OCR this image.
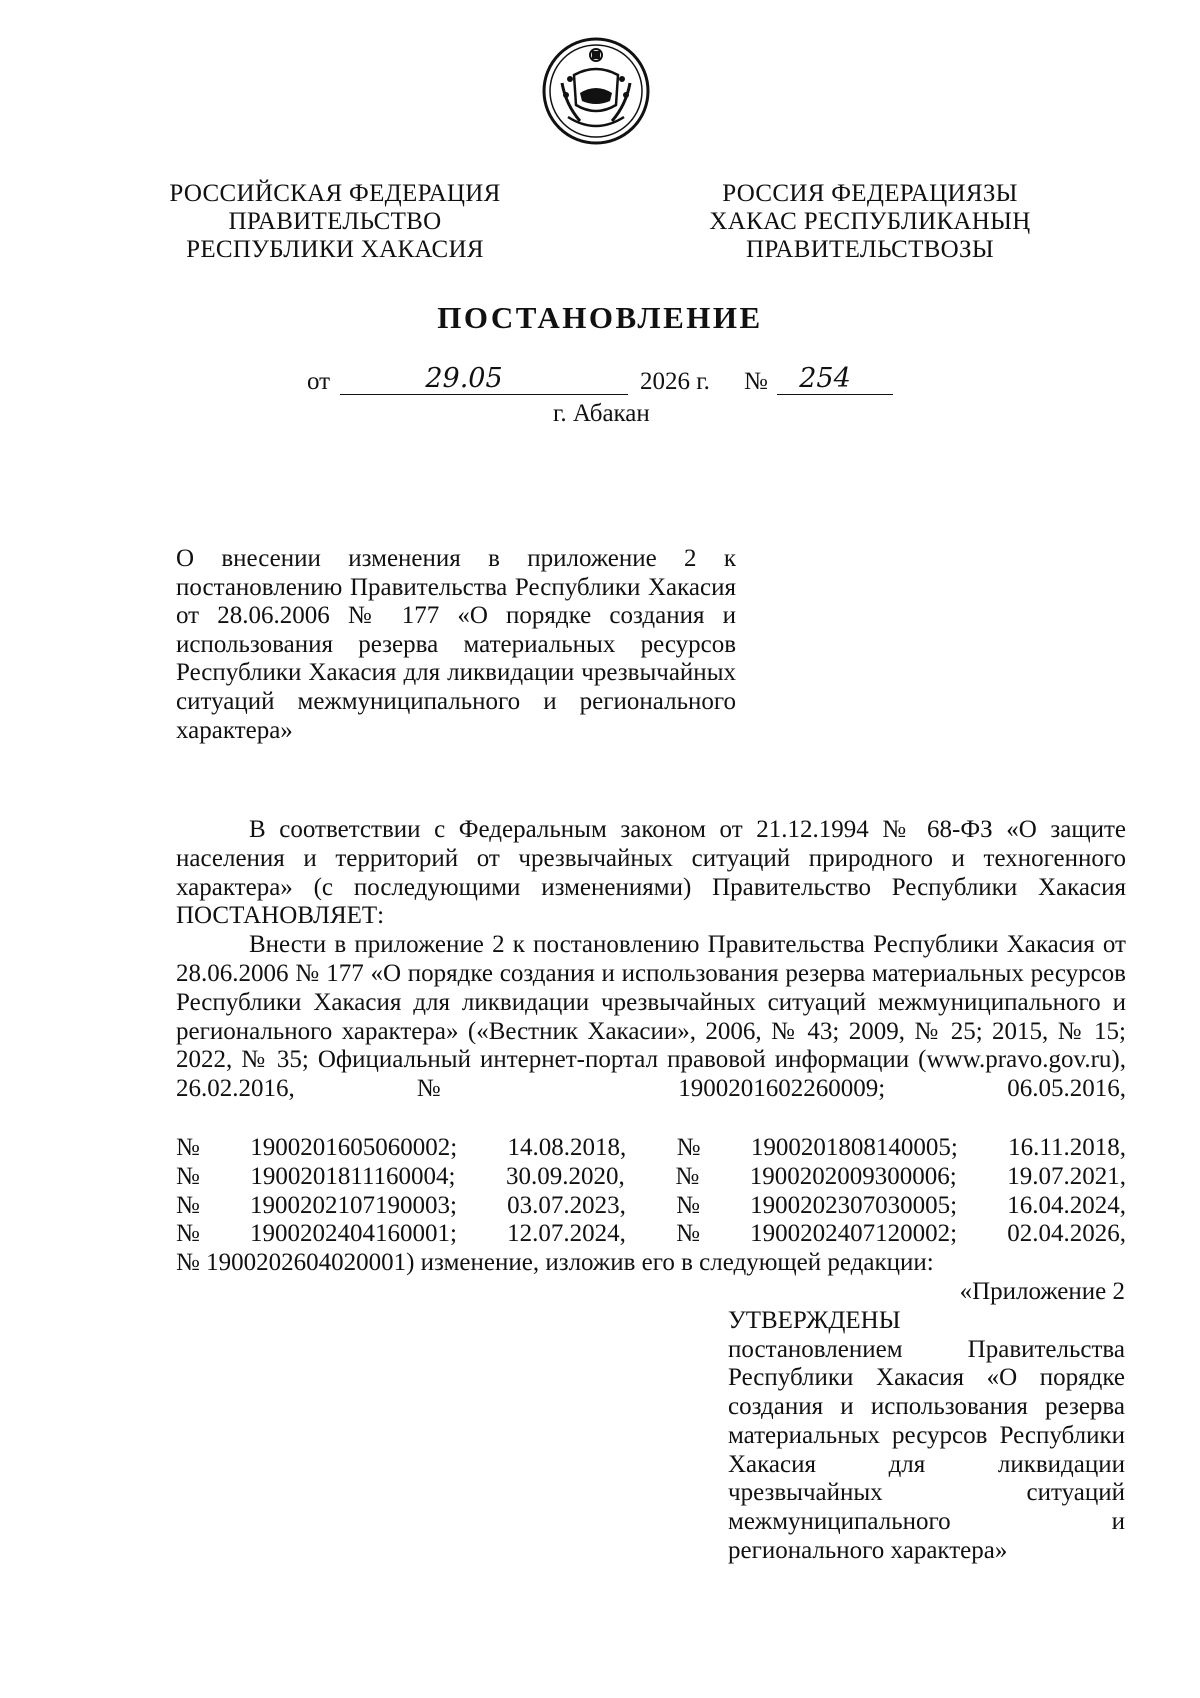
РОССИЙСКАЯ ФЕДЕРАЦИЯ
ПРАВИТЕЛЬСТВО
РЕСПУБЛИКИ ХАКАСИЯ
РОССИЯ ФЕДЕРАЦИЯЗЫ
ХАКАС РЕСПУБЛИКАНЫҢ
ПРАВИТЕЛЬСТВОЗЫ
ПОСТАНОВЛЕНИЕ
от	29.05	2026 г. №	254
г. Абакан

О внесении изменения в приложение 2 к постановлению Правительства Республики Хакасия от 28.06.2006 № 177 «О порядке создания и использования резерва материальных ресурсов Республики Хакасия для ликвидации чрезвычайных ситуаций межмуниципального и регионального характера»

В соответствии с Федеральным законом от 21.12.1994 № 68-ФЗ «О защите населения и территорий от чрезвычайных ситуаций природного и техногенного характера» (с последующими изменениями) Правительство Республики Хакасия ПОСТАНОВЛЯЕТ:

Внести в приложение 2 к постановлению Правительства Республики Хакасия от 28.06.2006 № 177 «О порядке создания и использования резерва материальных ресурсов Республики Хакасия для ликвидации чрезвычайных ситуаций межмуниципального и регионального характера» («Вестник Хакасии», 2006, № 43; 2009, № 25; 2015, № 15; 2022, № 35; Официальный интернет-портал правовой информации (www.pravo.gov.ru), 26.02.2016, № 1900201602260009; 06.05.2016,

№ 1900201605060002; 14.08.2018, № 1900201808140005; 16.11.2018,
№ 1900201811160004; 30.09.2020, № 1900202009300006; 19.07.2021,
№ 1900202107190003; 03.07.2023, № 1900202307030005; 16.04.2024,
№ 1900202404160001; 12.07.2024, № 1900202407120002; 02.04.2026,

№ 1900202604020001) изменение, изложив его в следующей редакции:

«Приложение 2

УТВЕРЖДЕНЫ

постановлением Правительства Республики Хакасия «О порядке создания и использования резерва материальных ресурсов Республики Хакасия для ликвидации чрезвычайных ситуаций межмуниципального и регионального характера»
